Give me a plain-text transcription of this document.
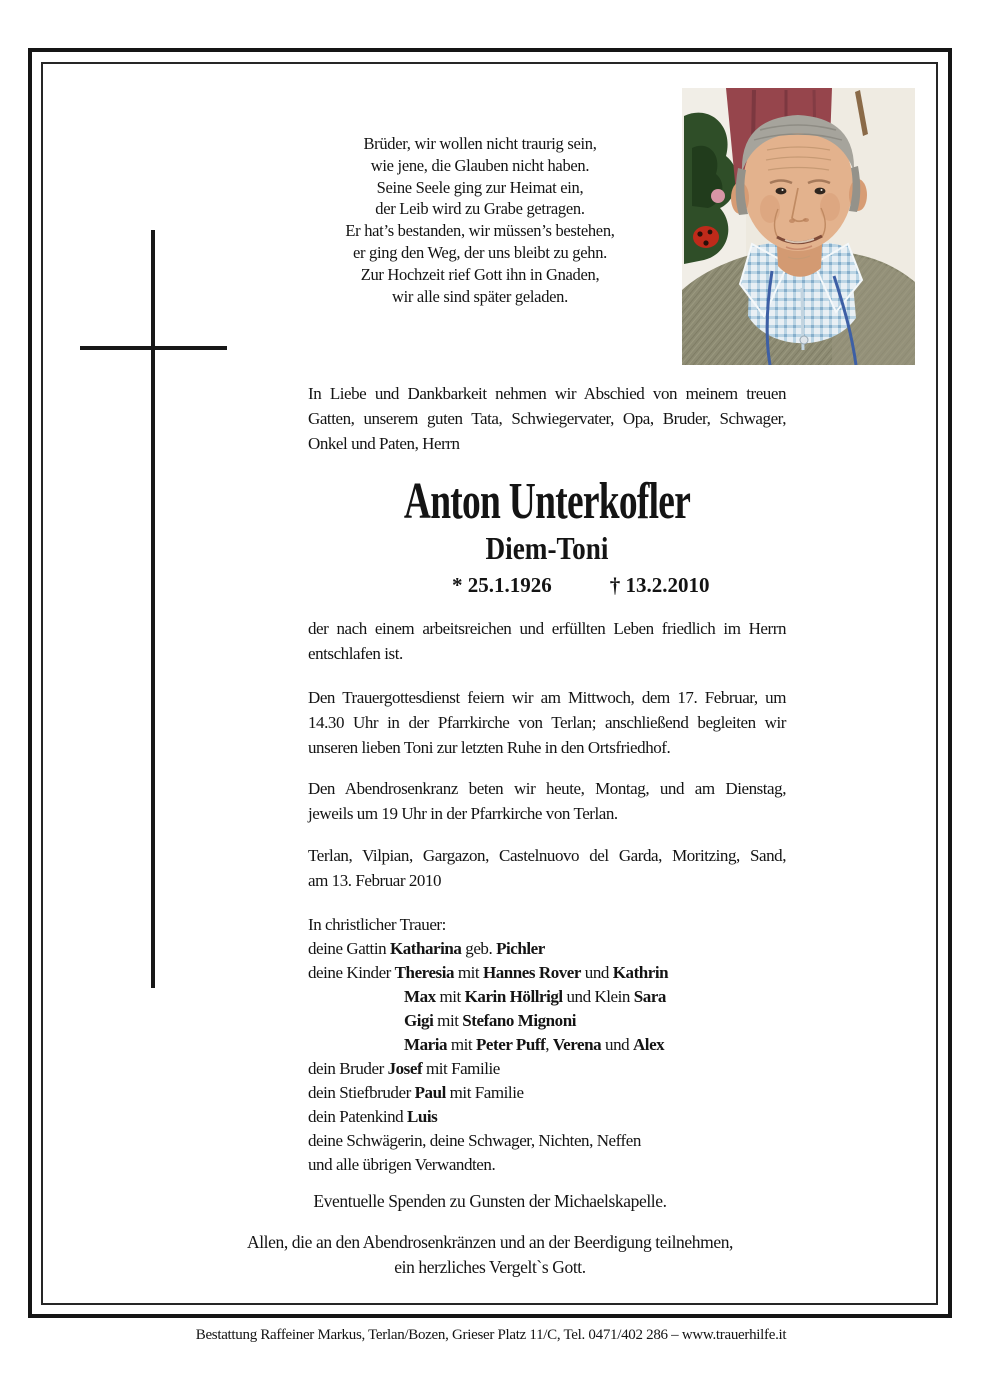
Brüder, wir wollen nicht traurig sein,
wie jene, die Glauben nicht haben.
Seine Seele ging zur Heimat ein,
der Leib wird zu Grabe getragen.
Er hat’s bestanden, wir müssen’s bestehen,
er ging den Weg, der uns bleibt zu gehn.
Zur Hochzeit rief Gott ihn in Gnaden,
wir alle sind später geladen.
In Liebe und Dankbarkeit nehmen wir Abschied von meinem treuen
Gatten, unserem guten Tata, Schwiegervater, Opa, Bruder, Schwager,
Onkel und Paten, Herrn
Anton Unterkofler
Diem-Toni
* 25.1.1926	† 13.2.2010
der nach einem arbeitsreichen und erfüllten Leben friedlich im Herrn
entschlafen ist.
Den Trauergottesdienst feiern wir am Mittwoch, dem 17. Februar, um
14.30 Uhr in der Pfarrkirche von Terlan; anschließend begleiten wir
unseren lieben Toni zur letzten Ruhe in den Ortsfriedhof.
Den Abendrosenkranz beten wir heute, Montag, und am Dienstag,
jeweils um 19 Uhr in der Pfarrkirche von Terlan.
Terlan, Vilpian, Gargazon, Castelnuovo del Garda, Moritzing, Sand,
am 13. Februar 2010
In christlicher Trauer:
deine Gattin Katharina geb. Pichler
deine Kinder Theresia mit Hannes Rover und Kathrin
Max mit Karin Höllrigl und Klein Sara
Gigi mit Stefano Mignoni
Maria mit Peter Puff, Verena und Alex
dein Bruder Josef mit Familie
dein Stiefbruder Paul mit Familie
dein Patenkind Luis
deine Schwägerin, deine Schwager, Nichten, Neffen
und alle übrigen Verwandten.
Eventuelle Spenden zu Gunsten der Michaelskapelle.
Allen, die an den Abendrosenkränzen und an der Beerdigung teilnehmen,
ein herzliches Vergelt`s Gott.
Bestattung Raffeiner Markus, Terlan/Bozen, Grieser Platz 11/C, Tel. 0471/402 286 – www.trauerhilfe.it
